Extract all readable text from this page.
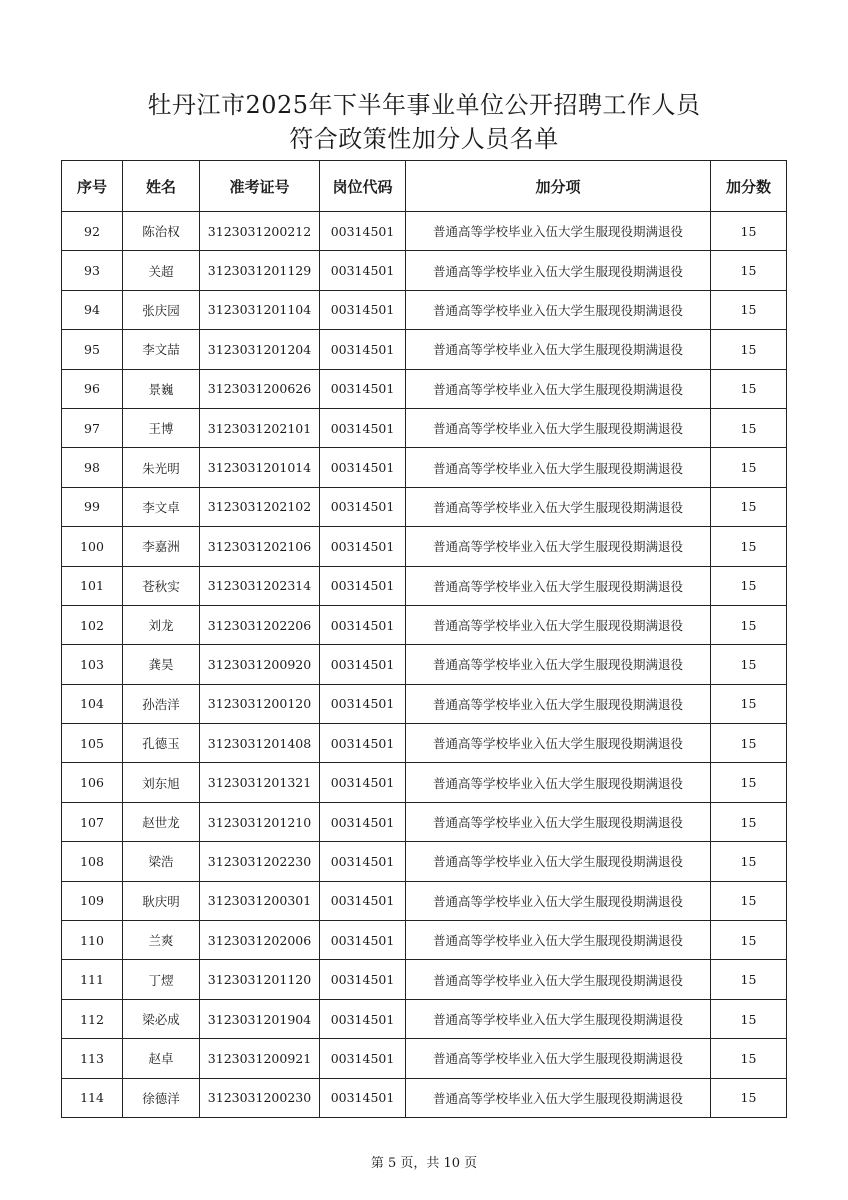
牡丹江市2025年下半年事业单位公开招聘工作人员
符合政策性加分人员名单
序号	姓名	准考证号	岗位代码	加分项	加分数
92	陈治权	3123031200212	00314501	普通高等学校毕业入伍大学生服现役期满退役	15
93	关超	3123031201129	00314501	普通高等学校毕业入伍大学生服现役期满退役	15
94	张庆园	3123031201104	00314501	普通高等学校毕业入伍大学生服现役期满退役	15
95	李文喆	3123031201204	00314501	普通高等学校毕业入伍大学生服现役期满退役	15
96	景巍	3123031200626	00314501	普通高等学校毕业入伍大学生服现役期满退役	15
97	王博	3123031202101	00314501	普通高等学校毕业入伍大学生服现役期满退役	15
98	朱光明	3123031201014	00314501	普通高等学校毕业入伍大学生服现役期满退役	15
99	李文卓	3123031202102	00314501	普通高等学校毕业入伍大学生服现役期满退役	15
100	李嘉洲	3123031202106	00314501	普通高等学校毕业入伍大学生服现役期满退役	15
101	苍秋实	3123031202314	00314501	普通高等学校毕业入伍大学生服现役期满退役	15
102	刘龙	3123031202206	00314501	普通高等学校毕业入伍大学生服现役期满退役	15
103	龚昊	3123031200920	00314501	普通高等学校毕业入伍大学生服现役期满退役	15
104	孙浩洋	3123031200120	00314501	普通高等学校毕业入伍大学生服现役期满退役	15
105	孔德玉	3123031201408	00314501	普通高等学校毕业入伍大学生服现役期满退役	15
106	刘东旭	3123031201321	00314501	普通高等学校毕业入伍大学生服现役期满退役	15
107	赵世龙	3123031201210	00314501	普通高等学校毕业入伍大学生服现役期满退役	15
108	梁浩	3123031202230	00314501	普通高等学校毕业入伍大学生服现役期满退役	15
109	耿庆明	3123031200301	00314501	普通高等学校毕业入伍大学生服现役期满退役	15
110	兰爽	3123031202006	00314501	普通高等学校毕业入伍大学生服现役期满退役	15
111	丁熤	3123031201120	00314501	普通高等学校毕业入伍大学生服现役期满退役	15
112	梁必成	3123031201904	00314501	普通高等学校毕业入伍大学生服现役期满退役	15
113	赵卓	3123031200921	00314501	普通高等学校毕业入伍大学生服现役期满退役	15
114	徐德洋	3123031200230	00314501	普通高等学校毕业入伍大学生服现役期满退役	15
第 5 页，共 10 页
